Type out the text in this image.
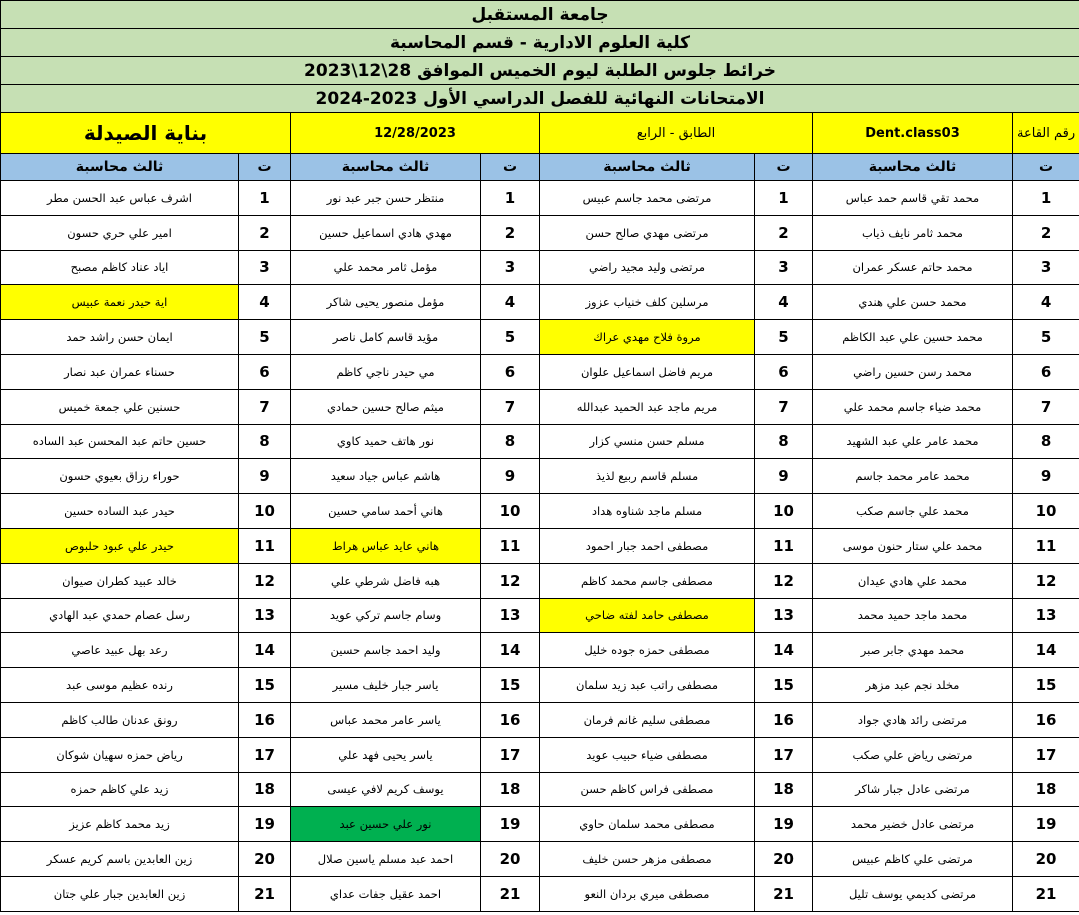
جامعة المستقبل							
كلية العلوم الادارية - قسم المحاسبة							
خرائط جلوس الطلبة ليوم الخميس الموافق 28\12\2023							
الامتحانات النهائية للفصل الدراسي الأول 2023-2024							
بناية الصيدلة		12/28/2023		الطابق - الرابع		Dent.class03	رقم القاعة
ثالث محاسبة	ت	ثالث محاسبة	ت	ثالث محاسبة	ت	ثالث محاسبة	ت
اشرف عباس عبد الحسن مطر	1	منتظر حسن جبر عبد نور	1	مرتضى محمد جاسم عبيس	1	محمد تقي قاسم حمد عباس	1
امير علي حري حسون	2	مهدي هادي اسماعيل حسين	2	مرتضى مهدي صالح حسن	2	محمد ثامر نايف ذياب	2
اياد عناد كاظم مصبح	3	مؤمل ثامر محمد علي	3	مرتضى وليد مجيد راضي	3	محمد حاتم عسكر عمران	3
اية حيدر نعمة عبيس	4	مؤمل منصور يحيى شاكر	4	مرسلين كلف خنياب عزوز	4	محمد حسن علي هندي	4
ايمان حسن راشد حمد	5	مؤيد قاسم كامل ناصر	5	مروة فلاح مهدي عراك	5	محمد حسين علي عبد الكاظم	5
حسناء عمران عبد نصار	6	مي حيدر ناجي كاظم	6	مريم فاضل اسماعيل علوان	6	محمد رسن حسين راضي	6
حسنين علي جمعة خميس	7	ميثم صالح حسين حمادي	7	مريم ماجد عبد الحميد عبدالله	7	محمد ضياء جاسم محمد علي	7
حسين حاتم عبد المحسن عبد الساده	8	نور هاتف حميد كاوي	8	مسلم حسن منسي كزار	8	محمد عامر علي عبد الشهيد	8
حوراء رزاق بعيوي حسون	9	هاشم عباس جياد سعيد	9	مسلم قاسم ربيع لذيذ	9	محمد عامر محمد جاسم	9
حيدر عبد الساده حسين	10	هاني أحمد سامي حسين	10	مسلم ماجد شناوه هداد	10	محمد علي جاسم صكب	10
حيدر علي عبود حلبوص	11	هاني عايد عباس هراط	11	مصطفى احمد جبار احمود	11	محمد علي ستار حنون موسى	11
خالد عبيد كطران صيوان	12	هبه فاضل شرطي علي	12	مصطفى جاسم محمد كاظم	12	محمد علي هادي عيدان	12
رسل عصام حمدي عبد الهادي	13	وسام جاسم تركي عويد	13	مصطفى حامد لفته ضاحي	13	محمد ماجد حميد محمد	13
رعد بهل عبيد عاصي	14	وليد احمد جاسم حسين	14	مصطفى حمزه جوده خليل	14	محمد مهدي جابر صبر	14
رنده عظيم موسى عبد	15	ياسر جبار خليف مسير	15	مصطفى راتب عبد زيد سلمان	15	مخلد نجم عبد مزهر	15
رونق عدنان طالب كاظم	16	ياسر عامر محمد عباس	16	مصطفى سليم غانم فرمان	16	مرتضى رائد هادي جواد	16
رياض حمزه سهيان شوكان	17	ياسر يحيى فهد علي	17	مصطفى ضياء حبيب عويد	17	مرتضى رياض علي صكب	17
زيد علي كاظم حمزه	18	يوسف كريم لافي عيسى	18	مصطفى فراس كاظم حسن	18	مرتضى عادل جبار شاكر	18
زيد محمد كاظم عزيز	19	نور علي حسين عبد	19	مصطفى محمد سلمان حاوي	19	مرتضى عادل خضير محمد	19
زين العابدين باسم كريم عسكر	20	احمد عبد مسلم ياسين صلال	20	مصطفى مزهر حسن خليف	20	مرتضى علي كاظم عبيس	20
زين العابدين جبار علي جتان	21	احمد عقيل جفات عداي	21	مصطفى ميري بردان النعو	21	مرتضى كديمي يوسف تليل	21
